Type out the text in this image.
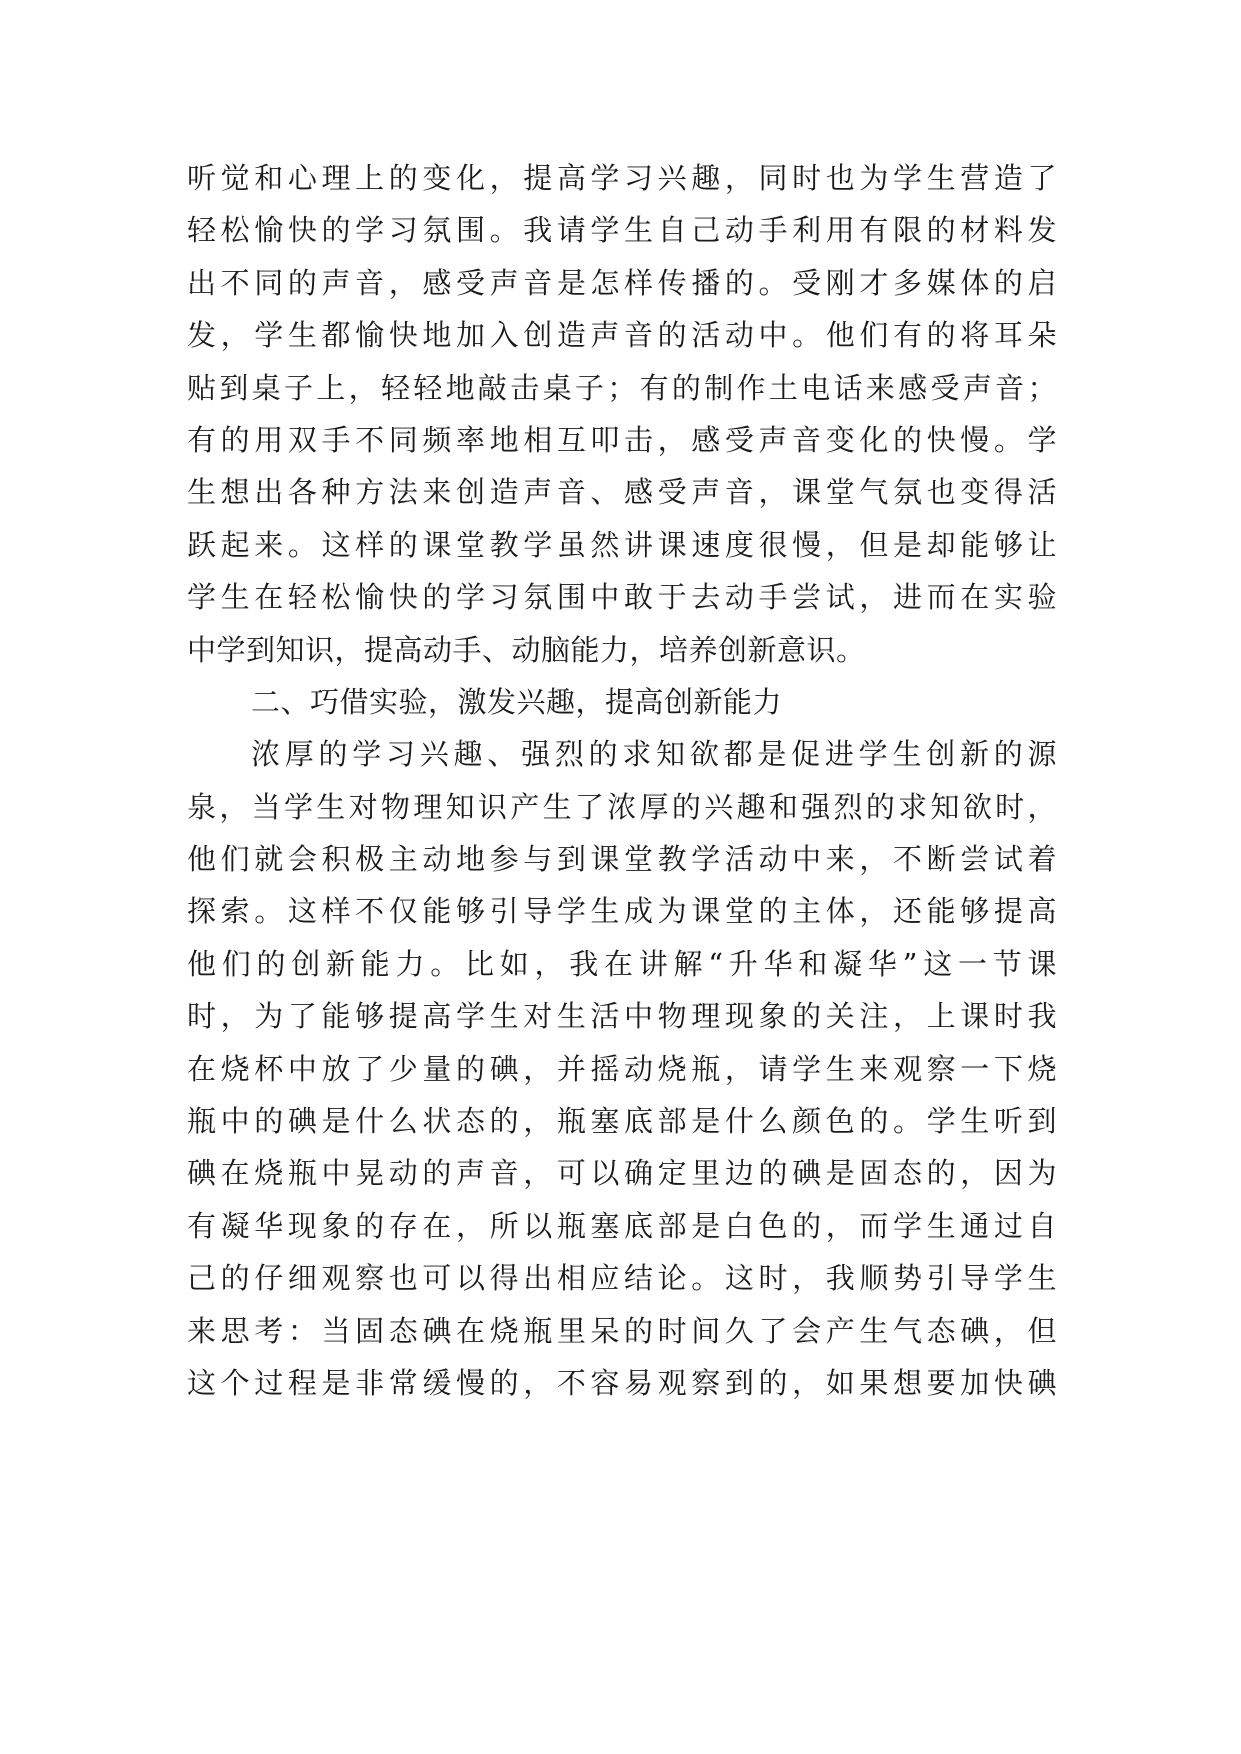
听觉和心理上的变化，提高学习兴趣，同时也为学生营造了
轻松愉快的学习氛围。我请学生自己动手利用有限的材料发
出不同的声音，感受声音是怎样传播的。受刚才多媒体的启
发，学生都愉快地加入创造声音的活动中。他们有的将耳朵
贴到桌子上，轻轻地敲击桌子；有的制作土电话来感受声音；
有的用双手不同频率地相互叩击，感受声音变化的快慢。学
生想出各种方法来创造声音、感受声音，课堂气氛也变得活
跃起来。这样的课堂教学虽然讲课速度很慢，但是却能够让
学生在轻松愉快的学习氛围中敢于去动手尝试，进而在实验
中学到知识，提高动手、动脑能力，培养创新意识。
二、巧借实验，激发兴趣，提高创新能力
浓厚的学习兴趣、强烈的求知欲都是促进学生创新的源
泉，当学生对物理知识产生了浓厚的兴趣和强烈的求知欲时，
他们就会积极主动地参与到课堂教学活动中来，不断尝试着
探索。这样不仅能够引导学生成为课堂的主体，还能够提高
他们的创新能力。比如，我在讲解“升华和凝华”这一节课
时，为了能够提高学生对生活中物理现象的关注，上课时我
在烧杯中放了少量的碘，并摇动烧瓶，请学生来观察一下烧
瓶中的碘是什么状态的，瓶塞底部是什么颜色的。学生听到
碘在烧瓶中晃动的声音，可以确定里边的碘是固态的，因为
有凝华现象的存在，所以瓶塞底部是白色的，而学生通过自
己的仔细观察也可以得出相应结论。这时，我顺势引导学生
来思考：当固态碘在烧瓶里呆的时间久了会产生气态碘，但
这个过程是非常缓慢的，不容易观察到的，如果想要加快碘
